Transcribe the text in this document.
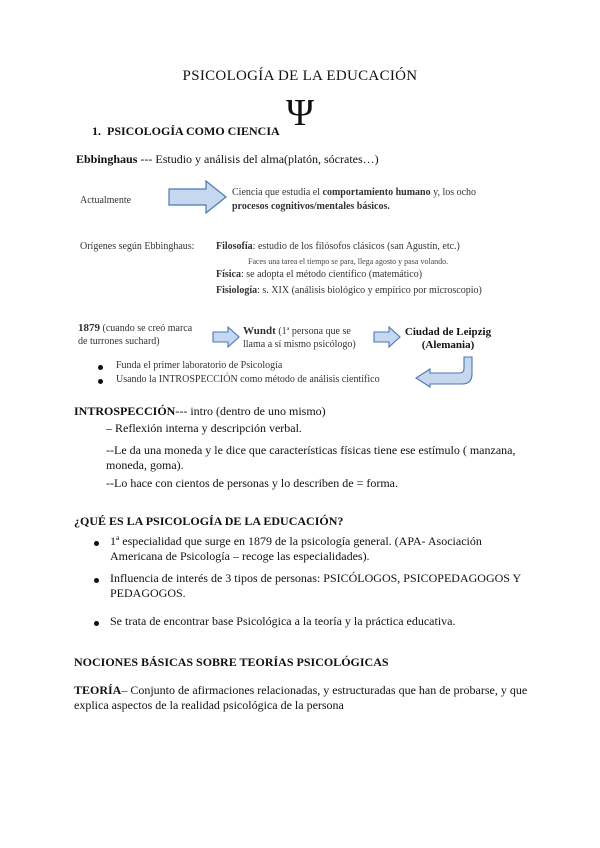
PSICOLOGÍA DE LA EDUCACIÓN
1. PSICOLOGÍA COMO CIENCIA Ψ
Ebbinghaus --- Estudio y análisis del alma(platón, sócrates…)
Actualmente
Ciencia que estudia el comportamiento humano y, los ocho
procesos cognitivos/mentales básicos.
Orígenes según Ebbinghaus: Filosofía: estudio de los filósofos clásicos (san Agustín, etc.)
Faces una tarea el tiempo se para, llega agosto y pasa volando.
Física: se adopta el método científico (matemático)
Fisiología: s. XIX (análisis biológico y empírico por microscopio)
1879 (cuando se creó marca
de turrones suchard)
Wundt (1ª persona que se
llama a sí mismo psicólogo)
Ciudad de Leipzig
(Alemania)
Funda el primer laboratorio de Psicología
Usando la INTROSPECCIÓN como método de análisis científico
INTROSPECCIÓN--- intro (dentro de uno mismo)
– Reflexión interna y descripción verbal.
--Le da una moneda y le dice que características físicas tiene ese estímulo ( manzana, moneda, goma).
--Lo hace con cientos de personas y lo describen de = forma.
¿QUÉ ES LA PSICOLOGÍA DE LA EDUCACIÓN?
1ª especialidad que surge en 1879 de la psicología general. (APA- Asociación Americana de Psicología – recoge las especialidades).
Influencia de interés de 3 tipos de personas: PSICÓLOGOS, PSICOPEDAGOGOS Y PEDAGOGOS.
Se trata de encontrar base Psicológica a la teoría y la práctica educativa.
NOCIONES BÁSICAS SOBRE TEORÍAS PSICOLÓGICAS
TEORÍA– Conjunto de afirmaciones relacionadas, y estructuradas que han de probarse, y que explica aspectos de la realidad psicológica de la persona
